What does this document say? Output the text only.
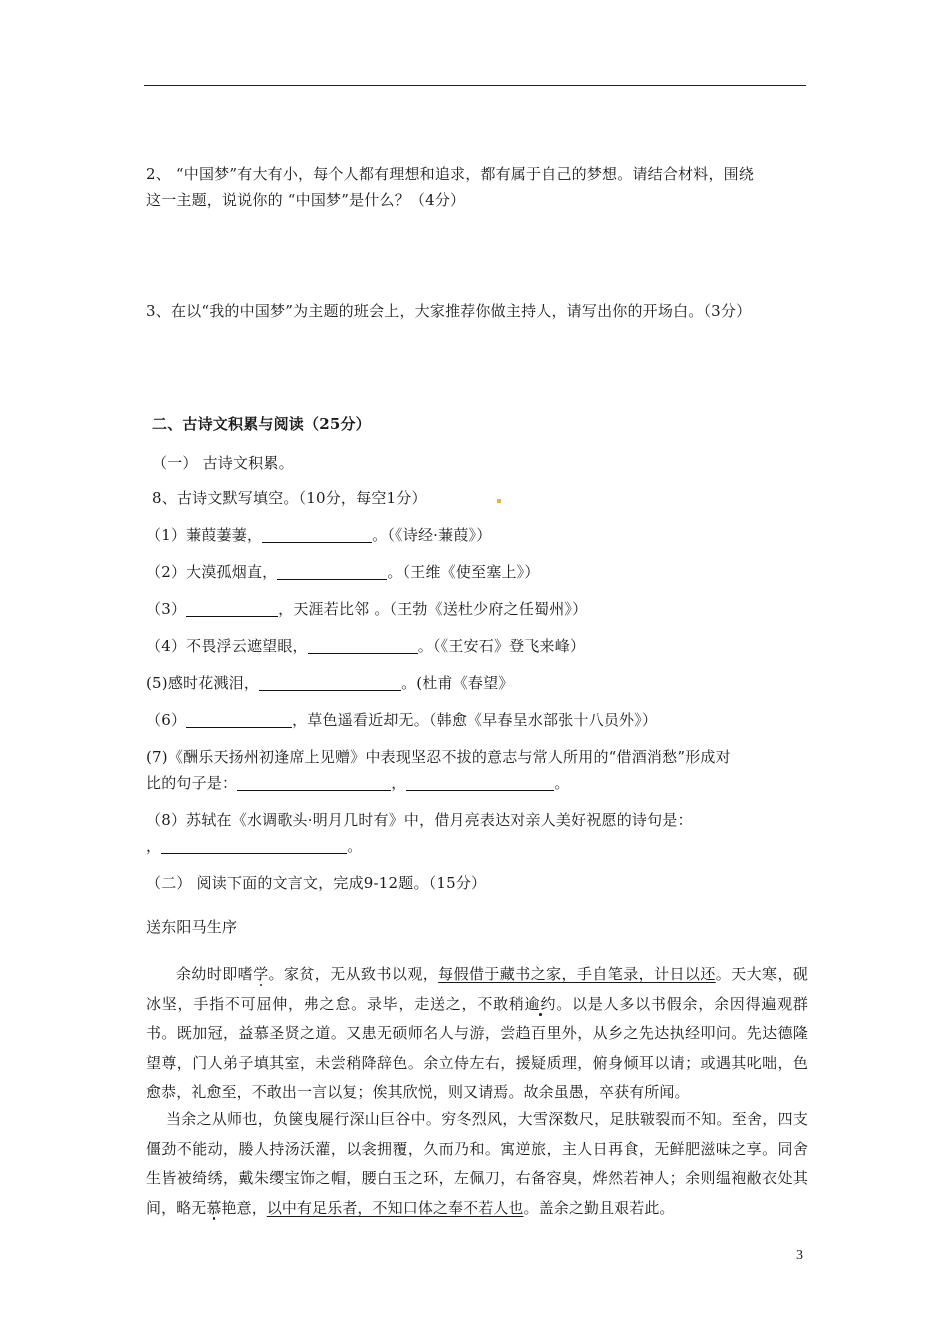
2、 “中国梦”有大有小，每个人都有理想和追求，都有属于自己的梦想。请结合材料，围绕
这一主题，说说你的 “中国梦”是什么？（4分）
3、在以“我的中国梦”为主题的班会上，大家推荐你做主持人，请写出你的开场白。（3分）
二、古诗文积累与阅读（25分）
（一） 古诗文积累。
8、古诗文默写填空。（10分，每空1分）
（1）蒹葭萋萋，	。（《诗经·蒹葭》）
（2）大漠孤烟直，	。（王维《使至塞上》）
（3）	，天涯若比邻 。（王勃《送杜少府之任蜀州》）
（4）不畏浮云遮望眼，	。（《王安石》登飞来峰）
(5)感时花溅泪，	。(杜甫《春望》
（6）	，草色遥看近却无。（韩愈《早春呈水部张十八员外》）
(7)《酬乐天扬州初逢席上见赠》中表现坚忍不拔的意志与常人所用的“借酒消愁”形成对
比的句子是：	，	。
（8）苏轼在《水调歌头·明月几时有》中，借月亮表达对亲人美好祝愿的诗句是：
，	。
（二） 阅读下面的文言文，完成9-12题。（15分）
送东阳马生序
余幼时即嗜学。家贫，无从致书以观，每假借于藏书之家，手自笔录，计日以还。天大寒，砚冰坚，手指不可屈伸，弗之怠。录毕，走送之，不敢稍逾约。以是人多以书假余，余因得遍观群书。既加冠，益慕圣贤之道。又患无硕师名人与游，尝趋百里外，从乡之先达执经叩问。先达德隆望尊，门人弟子填其室，未尝稍降辞色。余立侍左右，援疑质理，俯身倾耳以请；或遇其叱咄，色愈恭，礼愈至，不敢出一言以复；俟其欣悦，则又请焉。故余虽愚，卒获有所闻。
当余之从师也，负箧曳屣行深山巨谷中。穷冬烈风，大雪深数尺，足肤皲裂而不知。至舍，四支僵劲不能动，媵人持汤沃灌，以衾拥覆，久而乃和。寓逆旅，主人日再食，无鲜肥滋味之享。同舍生皆被绮绣，戴朱缨宝饰之帽，腰白玉之环，左佩刀，右备容臭，烨然若神人；余则缊袍敝衣处其间，略无慕艳意，以中有足乐者，不知口体之奉不若人也。盖余之勤且艰若此。
3
